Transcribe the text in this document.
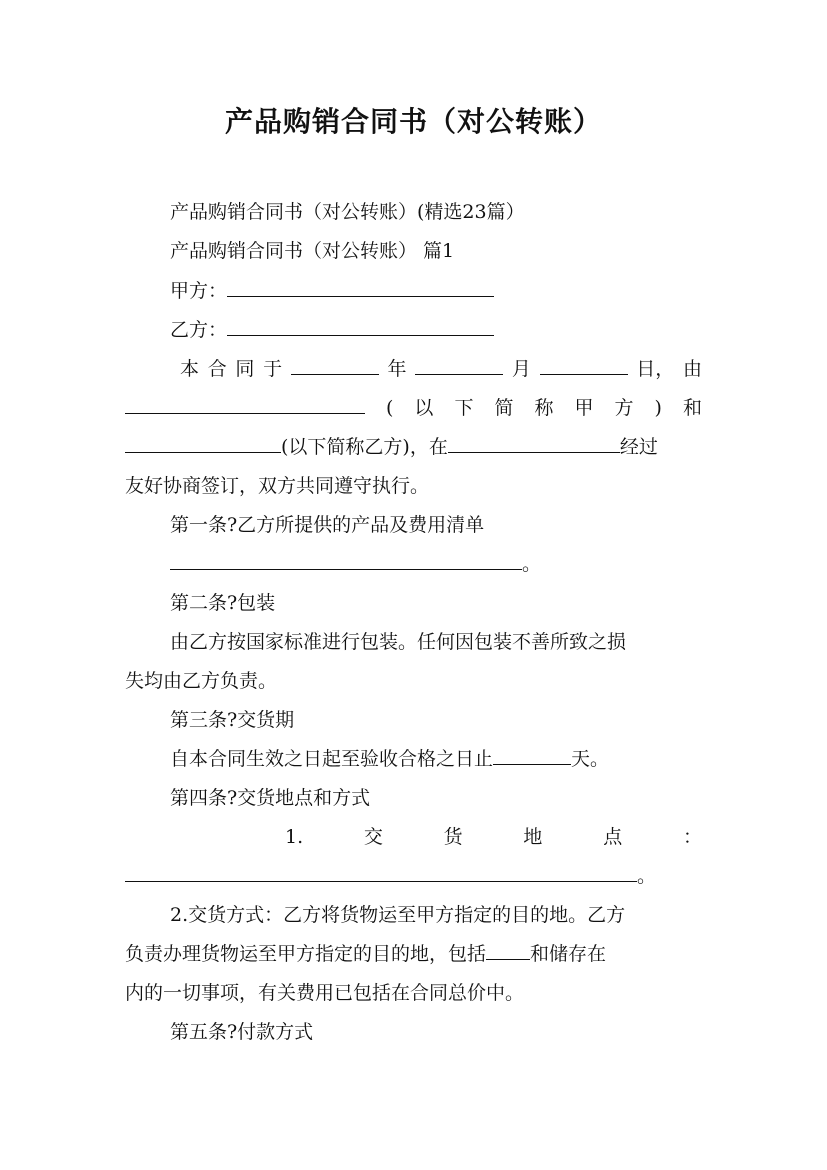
产品购销合同书（对公转账）
产品购销合同书（对公转账）(精选23篇）
产品购销合同书（对公转账） 篇1
甲方：
乙方：
本 合 同 于	年	月	日， 由
( 以 下 简 称 甲 方 ) 和
(以下简称乙方)，在	经过
友好协商签订，双方共同遵守执行。
第一条?乙方所提供的产品及费用清单
。
第二条?包装
由乙方按国家标准进行包装。任何因包装不善所致之损
失均由乙方负责。
第三条?交货期
自本合同生效之日起至验收合格之日止	天。
第四条?交货地点和方式
1.	交	货	地	点	：
。
2.交货方式：乙方将货物运至甲方指定的目的地。乙方
负责办理货物运至甲方指定的目的地，包括 和储存在
内的一切事项，有关费用已包括在合同总价中。
第五条?付款方式
